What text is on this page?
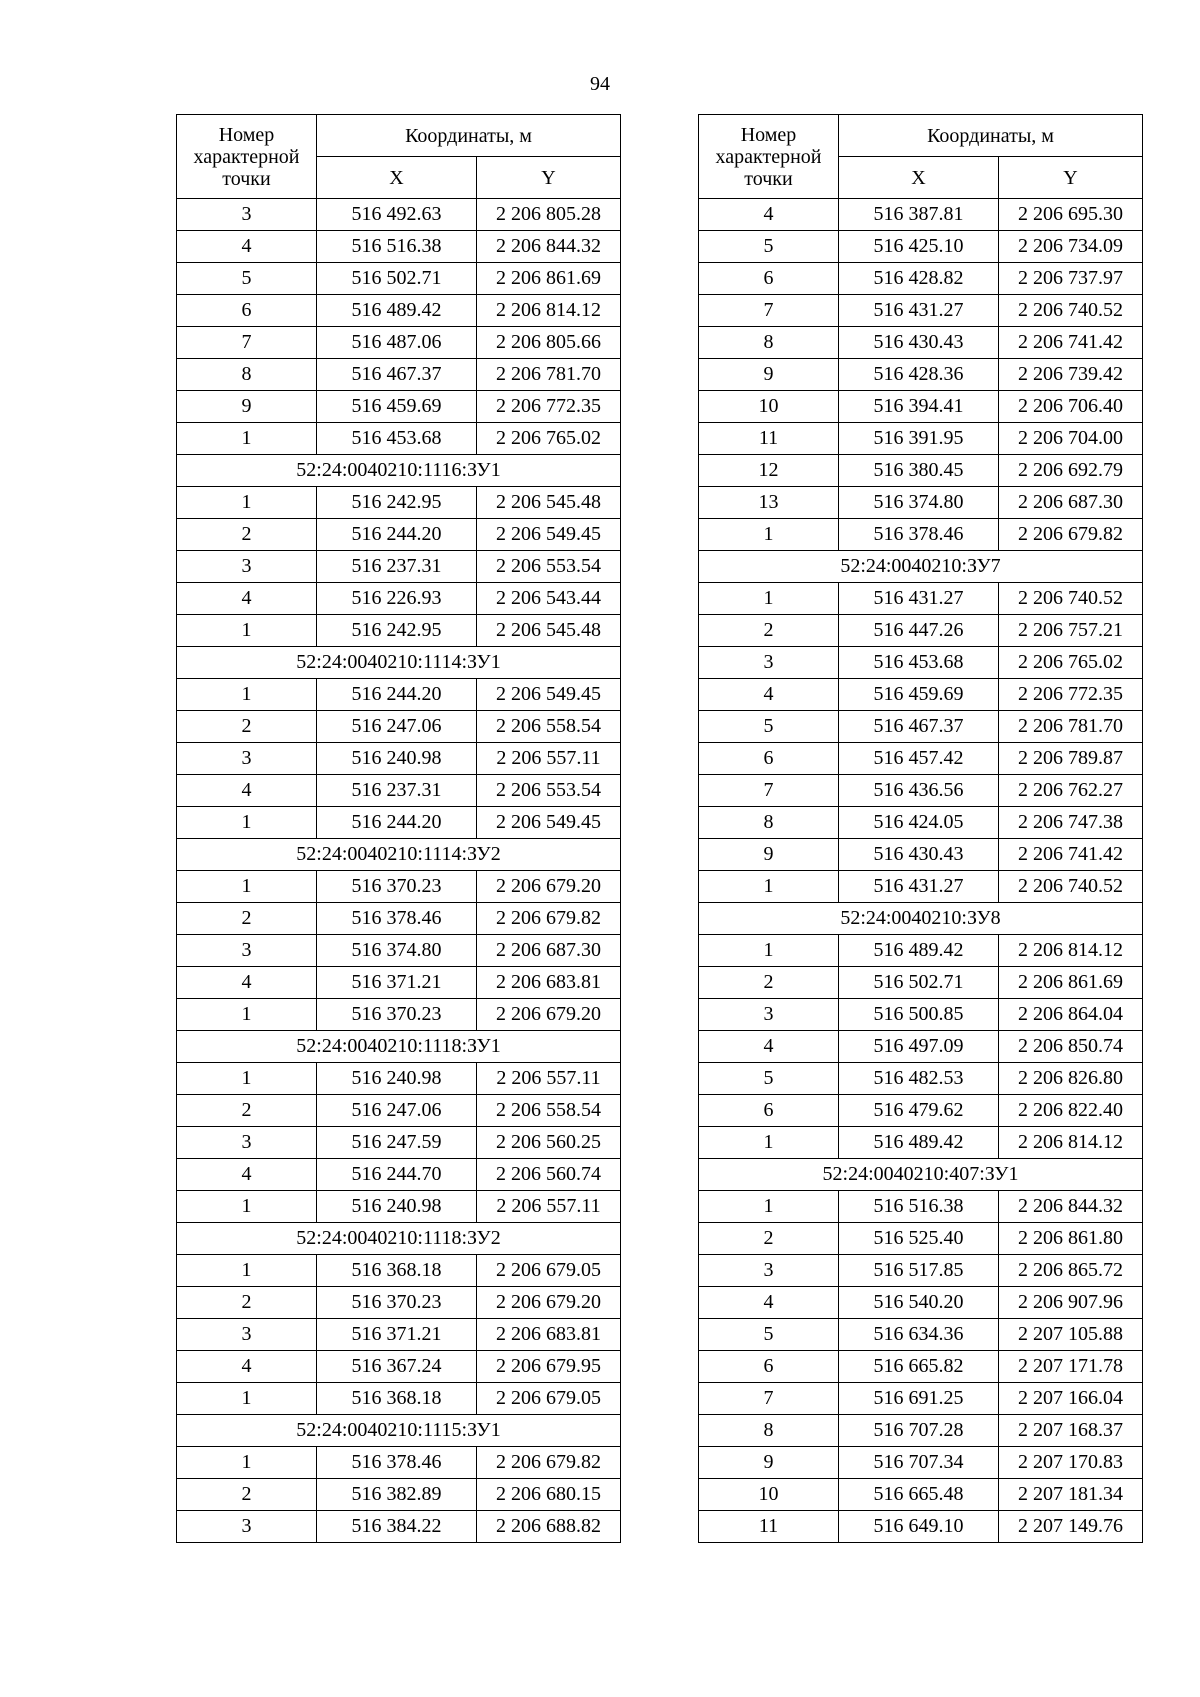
94
Номер характерной точки	Координаты, м	
	X	Y
3	516 492.63	2 206 805.28
4	516 516.38	2 206 844.32
5	516 502.71	2 206 861.69
6	516 489.42	2 206 814.12
7	516 487.06	2 206 805.66
8	516 467.37	2 206 781.70
9	516 459.69	2 206 772.35
1	516 453.68	2 206 765.02
52:24:0040210:1116:ЗУ1		
1	516 242.95	2 206 545.48
2	516 244.20	2 206 549.45
3	516 237.31	2 206 553.54
4	516 226.93	2 206 543.44
1	516 242.95	2 206 545.48
52:24:0040210:1114:ЗУ1		
1	516 244.20	2 206 549.45
2	516 247.06	2 206 558.54
3	516 240.98	2 206 557.11
4	516 237.31	2 206 553.54
1	516 244.20	2 206 549.45
52:24:0040210:1114:ЗУ2		
1	516 370.23	2 206 679.20
2	516 378.46	2 206 679.82
3	516 374.80	2 206 687.30
4	516 371.21	2 206 683.81
1	516 370.23	2 206 679.20
52:24:0040210:1118:ЗУ1		
1	516 240.98	2 206 557.11
2	516 247.06	2 206 558.54
3	516 247.59	2 206 560.25
4	516 244.70	2 206 560.74
1	516 240.98	2 206 557.11
52:24:0040210:1118:ЗУ2		
1	516 368.18	2 206 679.05
2	516 370.23	2 206 679.20
3	516 371.21	2 206 683.81
4	516 367.24	2 206 679.95
1	516 368.18	2 206 679.05
52:24:0040210:1115:ЗУ1		
1	516 378.46	2 206 679.82
2	516 382.89	2 206 680.15
3	516 384.22	2 206 688.82
Номер характерной точки	Координаты, м	
	X	Y
4	516 387.81	2 206 695.30
5	516 425.10	2 206 734.09
6	516 428.82	2 206 737.97
7	516 431.27	2 206 740.52
8	516 430.43	2 206 741.42
9	516 428.36	2 206 739.42
10	516 394.41	2 206 706.40
11	516 391.95	2 206 704.00
12	516 380.45	2 206 692.79
13	516 374.80	2 206 687.30
1	516 378.46	2 206 679.82
52:24:0040210:ЗУ7		
1	516 431.27	2 206 740.52
2	516 447.26	2 206 757.21
3	516 453.68	2 206 765.02
4	516 459.69	2 206 772.35
5	516 467.37	2 206 781.70
6	516 457.42	2 206 789.87
7	516 436.56	2 206 762.27
8	516 424.05	2 206 747.38
9	516 430.43	2 206 741.42
1	516 431.27	2 206 740.52
52:24:0040210:ЗУ8		
1	516 489.42	2 206 814.12
2	516 502.71	2 206 861.69
3	516 500.85	2 206 864.04
4	516 497.09	2 206 850.74
5	516 482.53	2 206 826.80
6	516 479.62	2 206 822.40
1	516 489.42	2 206 814.12
52:24:0040210:407:ЗУ1		
1	516 516.38	2 206 844.32
2	516 525.40	2 206 861.80
3	516 517.85	2 206 865.72
4	516 540.20	2 206 907.96
5	516 634.36	2 207 105.88
6	516 665.82	2 207 171.78
7	516 691.25	2 207 166.04
8	516 707.28	2 207 168.37
9	516 707.34	2 207 170.83
10	516 665.48	2 207 181.34
11	516 649.10	2 207 149.76
